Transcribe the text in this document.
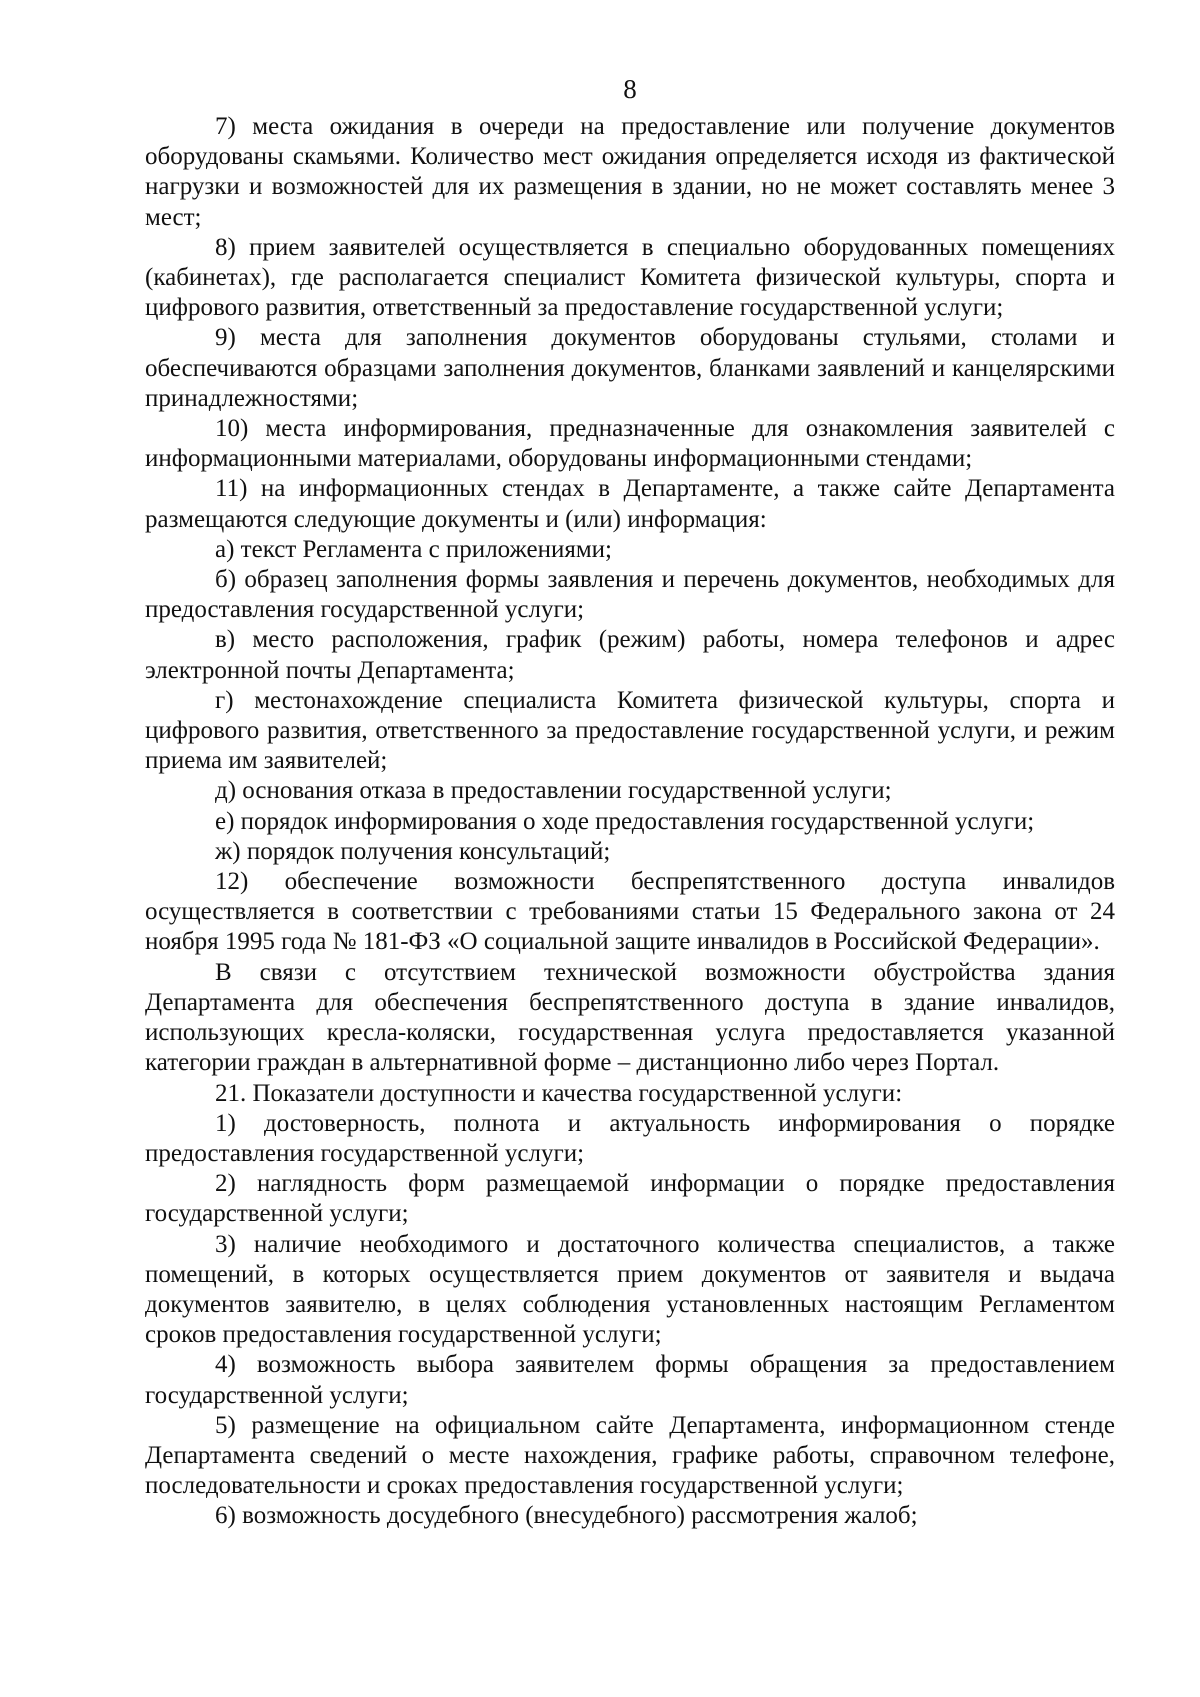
8

7) места ожидания в очереди на предоставление или получение документов оборудованы скамьями. Количество мест ожидания определяется исходя из фактической нагрузки и возможностей для их размещения в здании, но не может составлять менее 3 мест;

8) прием заявителей осуществляется в специально оборудованных помещениях (кабинетах), где располагается специалист Комитета физической культуры, спорта и цифрового развития, ответственный за предоставление государственной услуги;

9) места для заполнения документов оборудованы стульями, столами и обеспечиваются образцами заполнения документов, бланками заявлений и канцелярскими принадлежностями;

10) места информирования, предназначенные для ознакомления заявителей с информационными материалами, оборудованы информационными стендами;

11) на информационных стендах в Департаменте, а также сайте Департамента размещаются следующие документы и (или) информация:

а) текст Регламента с приложениями;

б) образец заполнения формы заявления и перечень документов, необходимых для предоставления государственной услуги;

в) место расположения, график (режим) работы, номера телефонов и адрес электронной почты Департамента;

г) местонахождение специалиста Комитета физической культуры, спорта и цифрового развития, ответственного за предоставление государственной услуги, и режим приема им заявителей;

д) основания отказа в предоставлении государственной услуги;

е) порядок информирования о ходе предоставления государственной услуги;

ж) порядок получения консультаций;

12) обеспечение возможности беспрепятственного доступа инвалидов осуществляется в соответствии с требованиями статьи 15 Федерального закона от 24 ноября 1995 года № 181-ФЗ «О социальной защите инвалидов в Российской Федерации».

В связи с отсутствием технической возможности обустройства здания Департамента для обеспечения беспрепятственного доступа в здание инвалидов, использующих кресла-коляски, государственная услуга предоставляется указанной категории граждан в альтернативной форме – дистанционно либо через Портал.

21. Показатели доступности и качества государственной услуги:

1) достоверность, полнота и актуальность информирования о порядке предоставления государственной услуги;

2) наглядность форм размещаемой информации о порядке предоставления государственной услуги;

3) наличие необходимого и достаточного количества специалистов, а также помещений, в которых осуществляется прием документов от заявителя и выдача документов заявителю, в целях соблюдения установленных настоящим Регламентом сроков предоставления государственной услуги;

4) возможность выбора заявителем формы обращения за предоставлением государственной услуги;

5) размещение на официальном сайте Департамента, информационном стенде Департамента сведений о месте нахождения, графике работы, справочном телефоне, последовательности и сроках предоставления государственной услуги;

6) возможность досудебного (внесудебного) рассмотрения жалоб;
